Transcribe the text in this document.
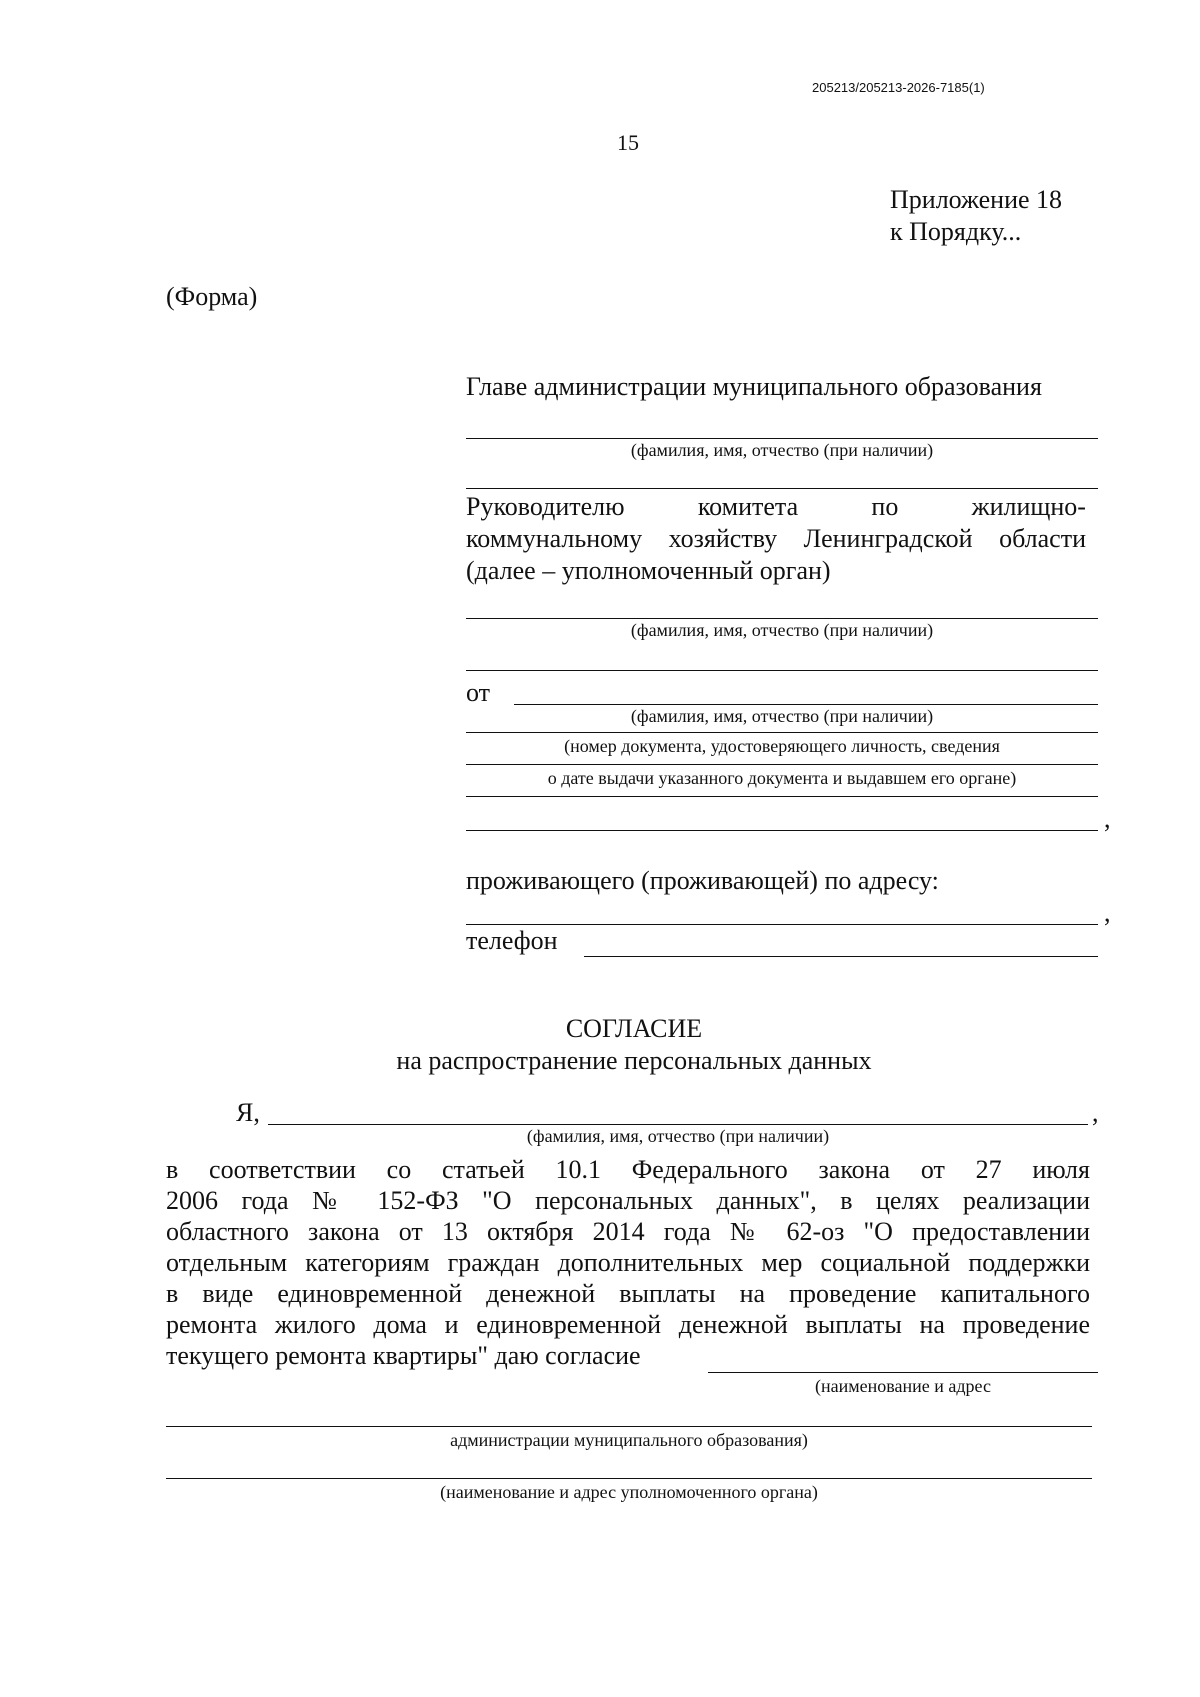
205213/205213-2026-7185(1)
15
Приложение 18
к Порядку...
(Форма)
Главе администрации муниципального образования
(фамилия, имя, отчество (при наличии)
Руководителю	комитета	по	жилищно-
коммунальному хозяйству Ленинградской области
(далее – уполномоченный орган)
(фамилия, имя, отчество (при наличии)
от
(фамилия, имя, отчество (при наличии)
(номер документа, удостоверяющего личность, сведения
о дате выдачи указанного документа и выдавшем его органе)
,
проживающего (проживающей) по адресу:
,
телефон
СОГЛАСИЕ
на распространение персональных данных
Я,	,
(фамилия, имя, отчество (при наличии)
в соответствии со статьей 10.1 Федерального закона от 27 июля
2006 года № 152-ФЗ "О персональных данных", в целях реализации
областного закона от 13 октября 2014 года № 62-оз "О предоставлении
отдельным категориям граждан дополнительных мер социальной поддержки
в виде единовременной денежной выплаты на проведение капитального
ремонта жилого дома и единовременной денежной выплаты на проведение
текущего ремонта квартиры" даю согласие
(наименование и адрес
администрации муниципального образования)
(наименование и адрес уполномоченного органа)
